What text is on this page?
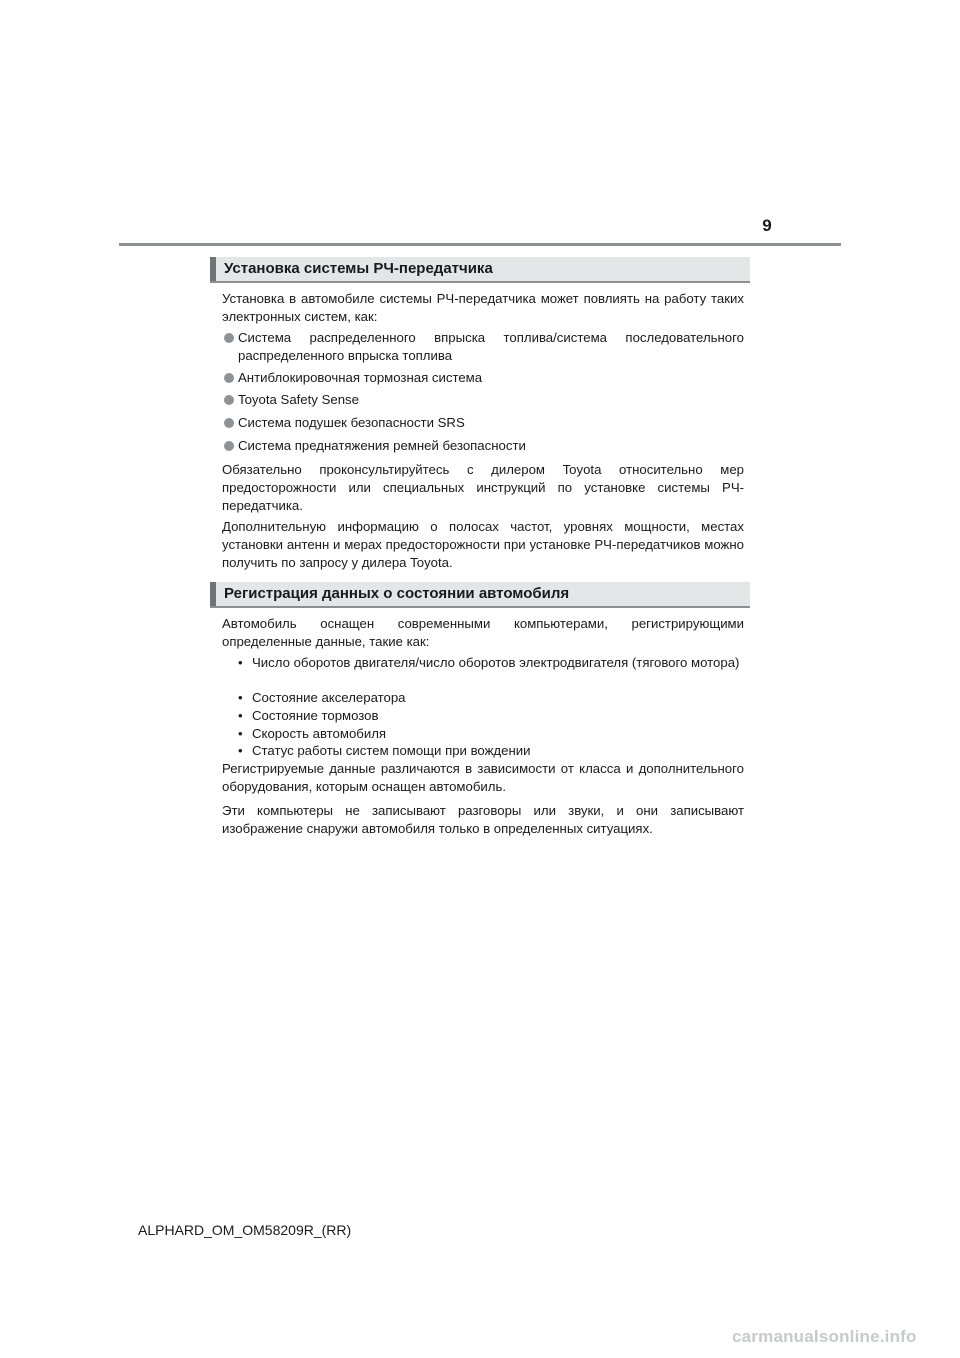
9
Установка системы РЧ-передатчика
Установка в автомобиле системы РЧ-передатчика может повлиять на работу таких электронных систем, как:
Система распределенного впрыска топлива/система последовательного распределенного впрыска топлива
Антиблокировочная тормозная система
Toyota Safety Sense
Система подушек безопасности SRS
Система преднатяжения ремней безопасности
Обязательно проконсультируйтесь с дилером Toyota относительно мер предосторожности или специальных инструкций по установке системы РЧ-передатчика.
Дополнительную информацию о полосах частот, уровнях мощности, местах установки антенн и мерах предосторожности при установке РЧ-передатчиков можно получить по запросу у дилера Toyota.
Регистрация данных о состоянии автомобиля
Автомобиль оснащен современными компьютерами, регистрирующими определенные данные, такие как:
• Число оборотов двигателя/число оборотов электродвигателя (тягового мотора)
• Состояние акселератора
• Состояние тормозов
• Скорость автомобиля
• Статус работы систем помощи при вождении
Регистрируемые данные различаются в зависимости от класса и дополнительного оборудования, которым оснащен автомобиль.
Эти компьютеры не записывают разговоры или звуки, и они записывают изображение снаружи автомобиля только в определенных ситуациях.
ALPHARD_OM_OM58209R_(RR)
carmanualsonline.info
